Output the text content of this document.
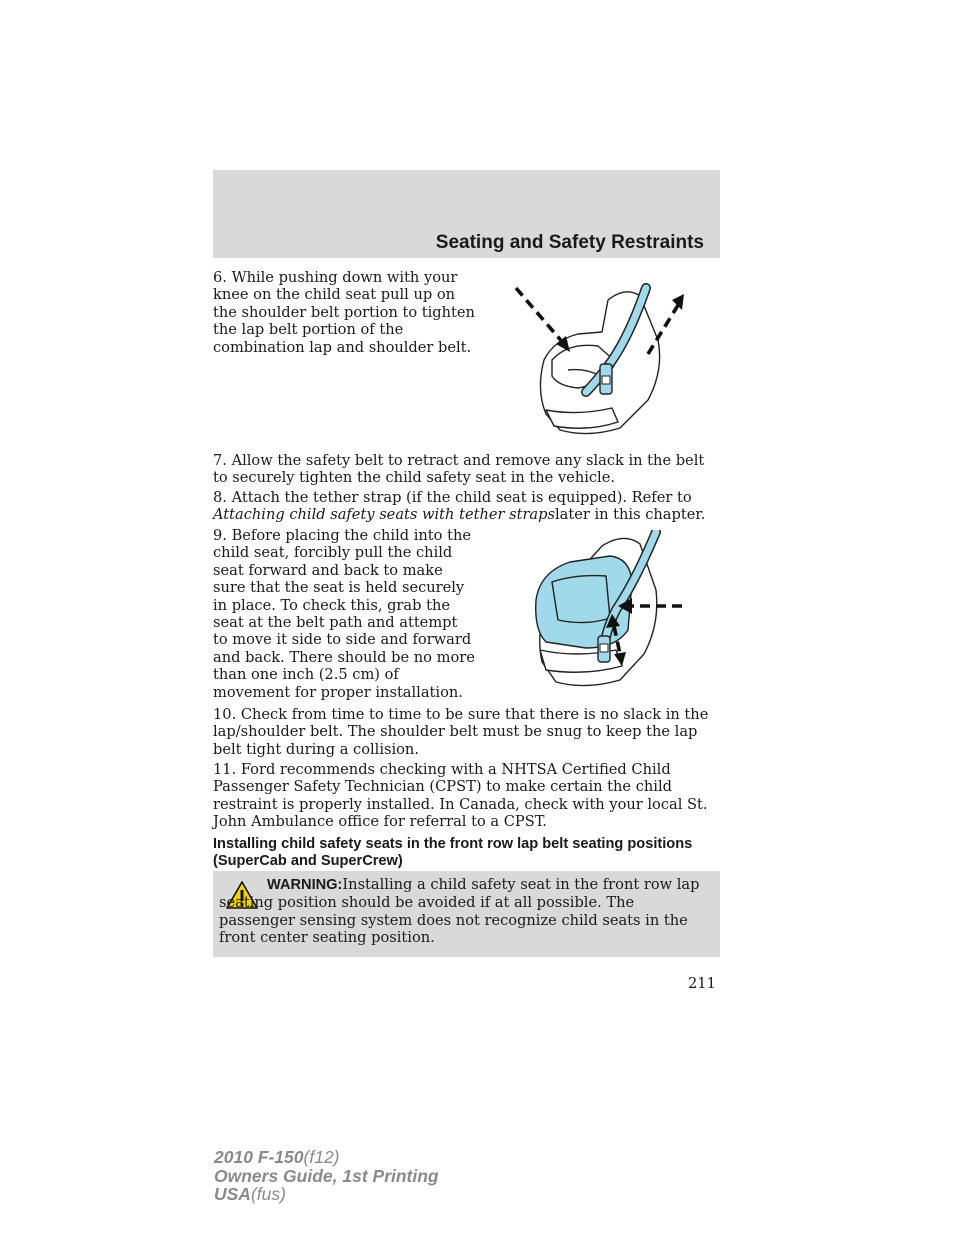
Seating and Safety Restraints

6. While pushing down with your knee on the child seat pull up on the shoulder belt portion to tighten the lap belt portion of the combination lap and shoulder belt.

7. Allow the safety belt to retract and remove any slack in the belt to securely tighten the child safety seat in the vehicle.

8. Attach the tether strap (if the child seat is equipped). Refer to Attaching child safety seats with tether strapslater in this chapter.

9. Before placing the child into the child seat, forcibly pull the child seat forward and back to make sure that the seat is held securely in place. To check this, grab the seat at the belt path and attempt to move it side to side and forward and back. There should be no more than one inch (2.5 cm) of movement for proper installation.

10. Check from time to time to be sure that there is no slack in the lap/shoulder belt. The shoulder belt must be snug to keep the lap belt tight during a collision.

11. Ford recommends checking with a NHTSA Certified Child Passenger Safety Technician (CPST) to make certain the child restraint is properly installed. In Canada, check with your local St. John Ambulance office for referral to a CPST.

Installing child safety seats in the front row lap belt seating positions (SuperCab and SuperCrew)

WARNING:Installing a child safety seat in the front row lap seating position should be avoided if at all possible. The passenger sensing system does not recognize child seats in the front center seating position.

211
2010 F-150(f12)
Owners Guide, 1st Printing
USA(fus)
